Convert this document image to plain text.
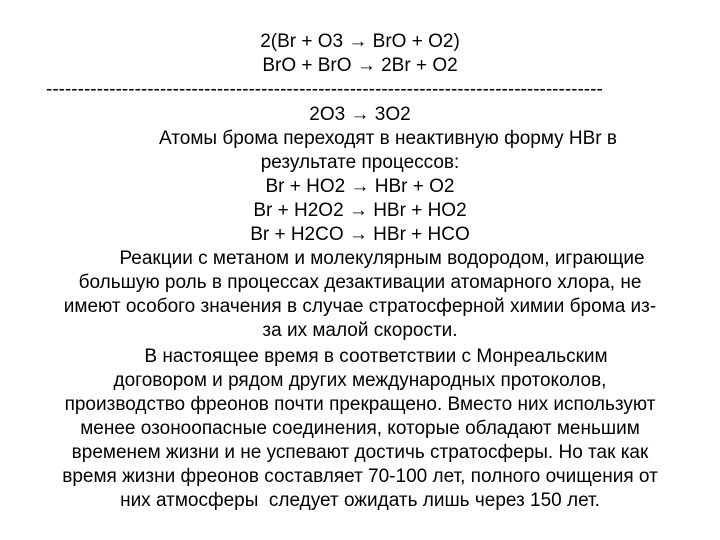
2(Br + O3 → BrO + O2)
BrO + BrO → 2Br + O2
----------------------------------------------------------------------------------------
2O3 → 3O2
Атомы брома переходят в неактивную форму HBr в
результате процессов:
Br + HO2 → HBr + O2
Br + H2O2 → HBr + HO2
Br + H2CO → HBr + HCO
Реакции с метаном и молекулярным водородом, играющие
большую роль в процессах дезактивации атомарного хлора, не
имеют особого значения в случае стратосферной химии брома из-
за их малой скорости.
В настоящее время в соответствии с Монреальским
договором и рядом других международных протоколов,
производство фреонов почти прекращено. Вместо них используют
менее озоноопасные соединения, которые обладают меньшим
временем жизни и не успевают достичь стратосферы. Но так как
время жизни фреонов составляет 70-100 лет, полного очищения от
них атмосферы  следует ожидать лишь через 150 лет.
